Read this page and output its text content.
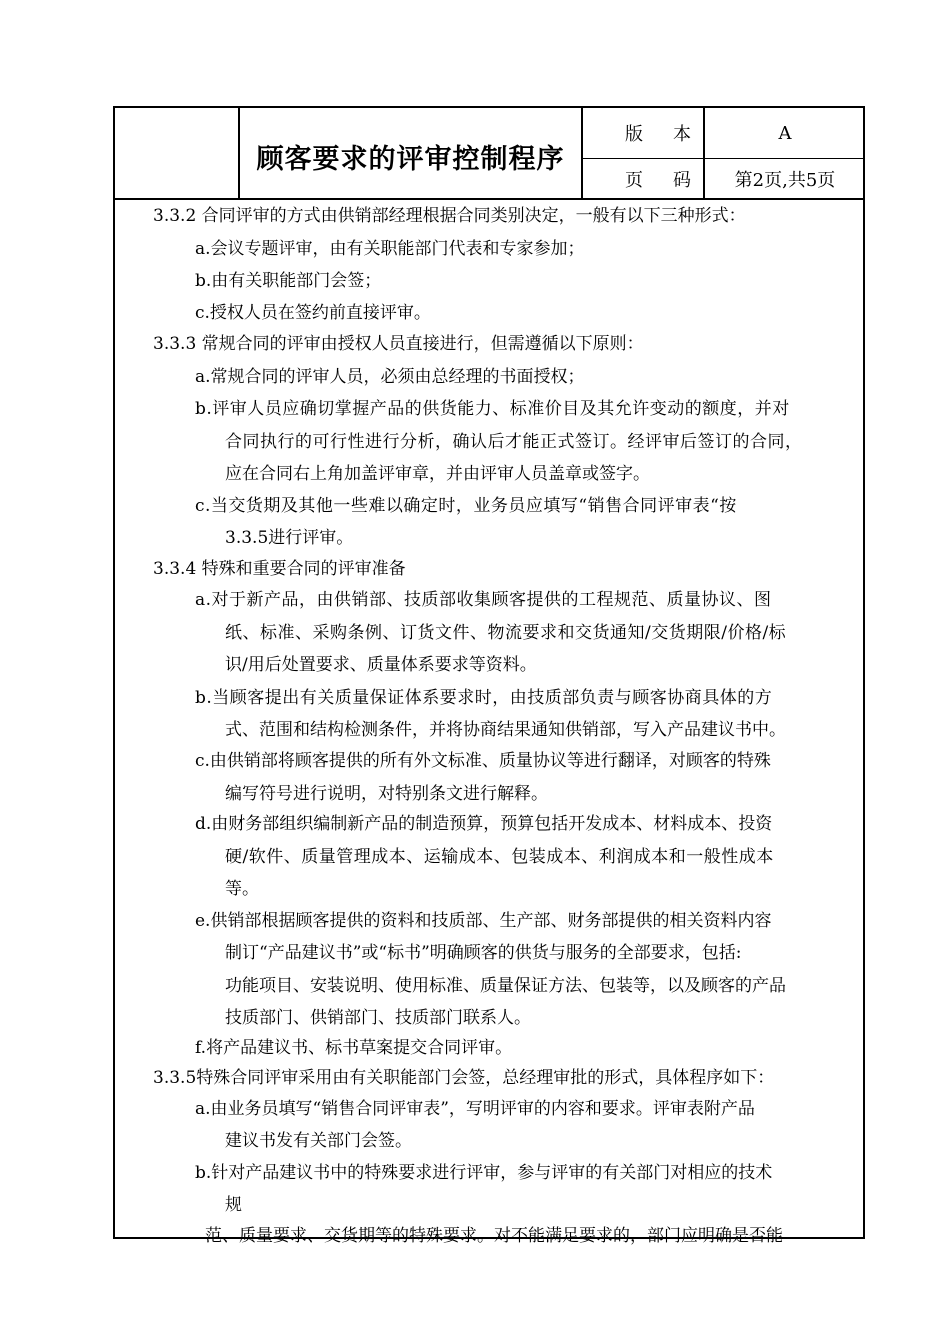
顾客要求的评审控制程序
版本	A
页码 第2页,共5页
3.3.2 合同评审的方式由供销部经理根据合同类别决定，一般有以下三种形式：
a.会议专题评审，由有关职能部门代表和专家参加；
b.由有关职能部门会签；
c.授权人员在签约前直接评审。
3.3.3 常规合同的评审由授权人员直接进行，但需遵循以下原则：
a.常规合同的评审人员，必须由总经理的书面授权；
b.评审人员应确切掌握产品的供货能力、标准价目及其允许变动的额度，并对
合同执行的可行性进行分析，确认后才能正式签订。经评审后签订的合同，
应在合同右上角加盖评审章，并由评审人员盖章或签字。
c.当交货期及其他一些难以确定时，业务员应填写“销售合同评审表“按
3.3.5进行评审。
3.3.4 特殊和重要合同的评审准备
a.对于新产品，由供销部、技质部收集顾客提供的工程规范、质量协议、图
纸、标准、采购条例、订货文件、物流要求和交货通知/交货期限/价格/标
识/用后处置要求、质量体系要求等资料。
b.当顾客提出有关质量保证体系要求时，由技质部负责与顾客协商具体的方
式、范围和结构检测条件，并将协商结果通知供销部，写入产品建议书中。
c.由供销部将顾客提供的所有外文标准、质量协议等进行翻译，对顾客的特殊
编写符号进行说明，对特别条文进行解释。
d.由财务部组织编制新产品的制造预算，预算包括开发成本、材料成本、投资
硬/软件、质量管理成本、运输成本、包装成本、利润成本和一般性成本
等。
e.供销部根据顾客提供的资料和技质部、生产部、财务部提供的相关资料内容
制订“产品建议书”或“标书”明确顾客的供货与服务的全部要求，包括:
功能项目、安装说明、使用标准、质量保证方法、包装等，以及顾客的产品
技质部门、供销部门、技质部门联系人。
f.将产品建议书、标书草案提交合同评审。
3.3.5特殊合同评审采用由有关职能部门会签，总经理审批的形式，具体程序如下：
a.由业务员填写“销售合同评审表”，写明评审的内容和要求。评审表附产品
建议书发有关部门会签。
b.针对产品建议书中的特殊要求进行评审，参与评审的有关部门对相应的技术
规
范、质量要求、交货期等的特殊要求。对不能满足要求的，部门应明确是否能
